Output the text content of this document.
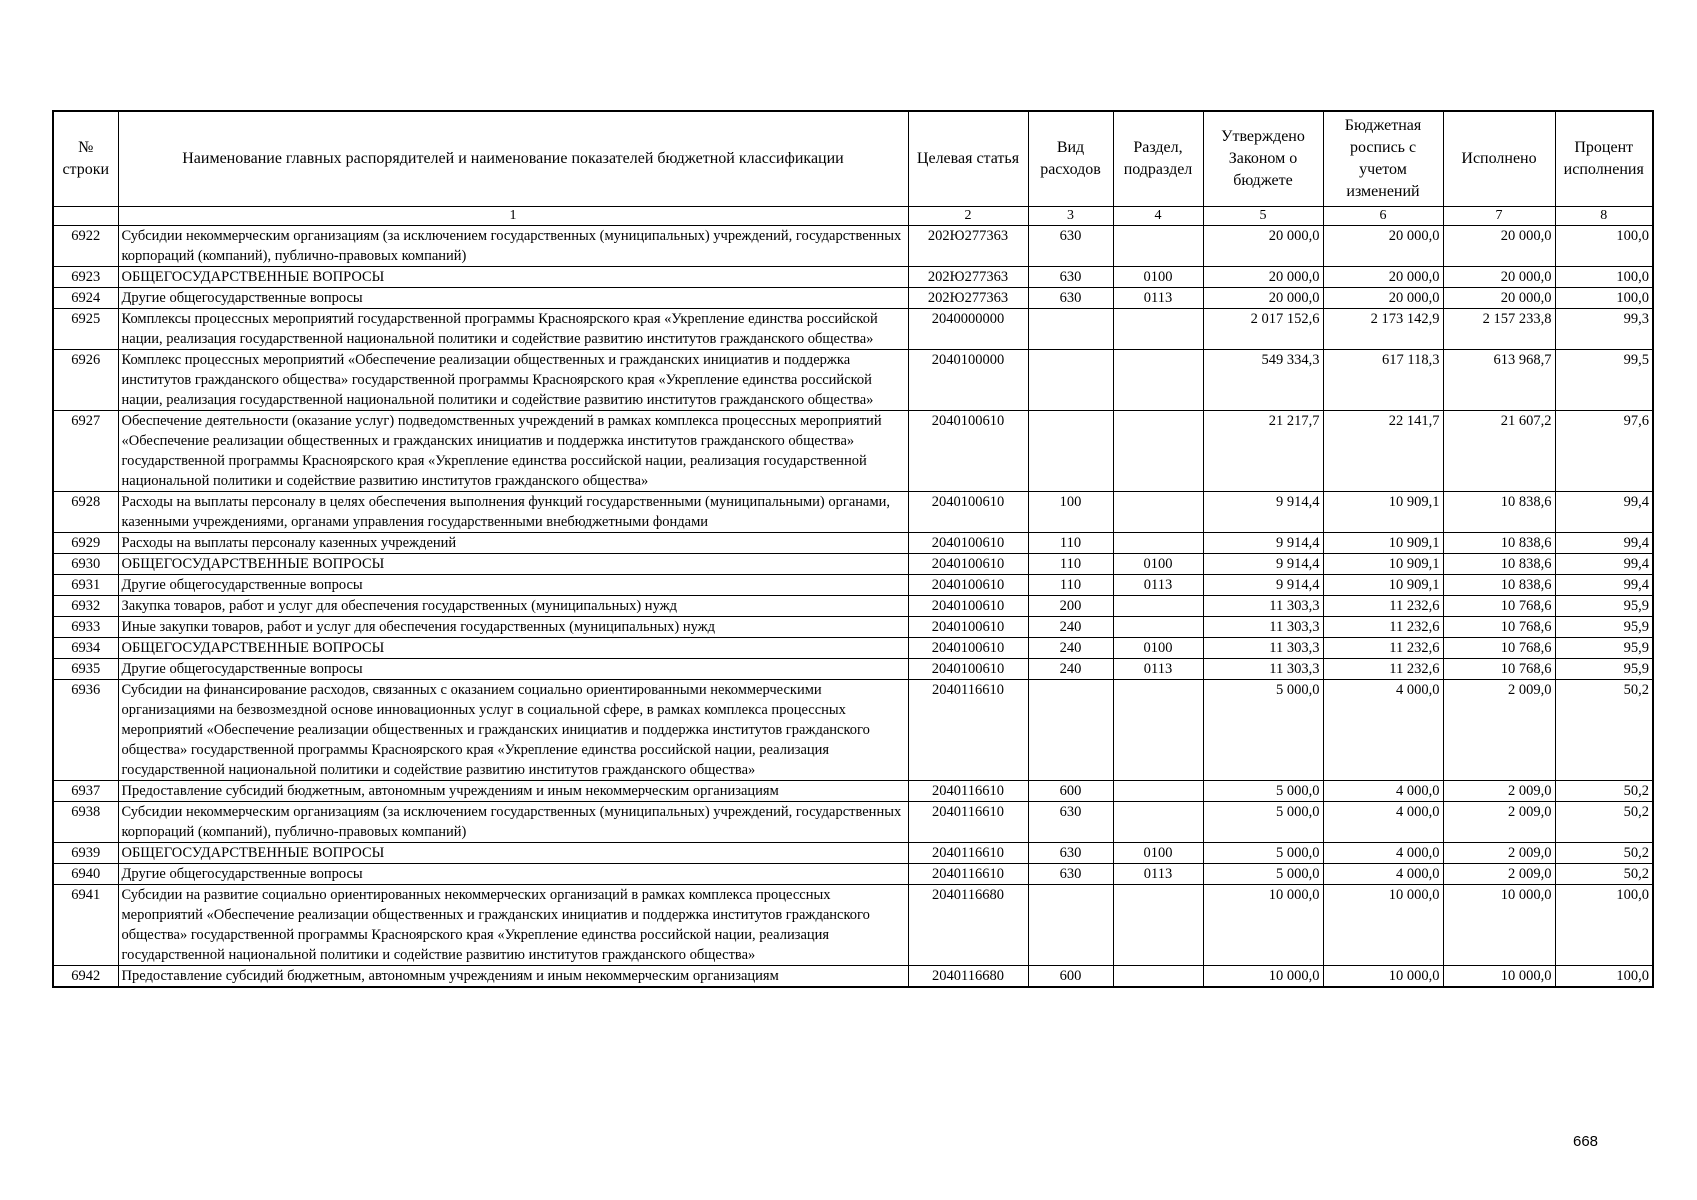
№ строки	Наименование главных распорядителей и наименование показателей бюджетной классификации	Целевая статья	Вид расходов	Раздел, подраздел	Утверждено Законом о бюджете	Бюджетная роспись с учетом изменений	Исполнено	Процент исполнения
	1	2	3	4	5	6	7	8
6922	Субсидии некоммерческим организациям (за исключением государственных (муниципальных) учреждений, государственных корпораций (компаний), публично-правовых компаний)	202Ю277363	630		20 000,0	20 000,0	20 000,0	100,0
6923	ОБЩЕГОСУДАРСТВЕННЫЕ ВОПРОСЫ	202Ю277363	630	0100	20 000,0	20 000,0	20 000,0	100,0
6924	Другие общегосударственные вопросы	202Ю277363	630	0113	20 000,0	20 000,0	20 000,0	100,0
6925	Комплексы процессных мероприятий государственной программы Красноярского края «Укрепление единства российской нации, реализация государственной национальной политики и содействие развитию институтов гражданского общества»	2040000000			2 017 152,6	2 173 142,9	2 157 233,8	99,3
6926	Комплекс процессных мероприятий «Обеспечение реализации общественных и гражданских инициатив и поддержка институтов гражданского общества» государственной программы Красноярского края «Укрепление единства российской нации, реализация государственной национальной политики и содействие развитию институтов гражданского общества»	2040100000			549 334,3	617 118,3	613 968,7	99,5
6927	Обеспечение деятельности (оказание услуг) подведомственных учреждений в рамках комплекса процессных мероприятий «Обеспечение реализации общественных и гражданских инициатив и поддержка институтов гражданского общества» государственной программы Красноярского края «Укрепление единства российской нации, реализация государственной национальной политики и содействие развитию институтов гражданского общества»	2040100610			21 217,7	22 141,7	21 607,2	97,6
6928	Расходы на выплаты персоналу в целях обеспечения выполнения функций государственными (муниципальными) органами, казенными учреждениями, органами управления государственными внебюджетными фондами	2040100610	100		9 914,4	10 909,1	10 838,6	99,4
6929	Расходы на выплаты персоналу казенных учреждений	2040100610	110		9 914,4	10 909,1	10 838,6	99,4
6930	ОБЩЕГОСУДАРСТВЕННЫЕ ВОПРОСЫ	2040100610	110	0100	9 914,4	10 909,1	10 838,6	99,4
6931	Другие общегосударственные вопросы	2040100610	110	0113	9 914,4	10 909,1	10 838,6	99,4
6932	Закупка товаров, работ и услуг для обеспечения государственных (муниципальных) нужд	2040100610	200		11 303,3	11 232,6	10 768,6	95,9
6933	Иные закупки товаров, работ и услуг для обеспечения государственных (муниципальных) нужд	2040100610	240		11 303,3	11 232,6	10 768,6	95,9
6934	ОБЩЕГОСУДАРСТВЕННЫЕ ВОПРОСЫ	2040100610	240	0100	11 303,3	11 232,6	10 768,6	95,9
6935	Другие общегосударственные вопросы	2040100610	240	0113	11 303,3	11 232,6	10 768,6	95,9
6936	Субсидии на финансирование расходов, связанных с оказанием социально ориентированными некоммерческими организациями на безвозмездной основе инновационных услуг в социальной сфере, в рамках комплекса процессных мероприятий «Обеспечение реализации общественных и гражданских инициатив и поддержка институтов гражданского общества» государственной программы Красноярского края «Укрепление единства российской нации, реализация государственной национальной политики и содействие развитию институтов гражданского общества»	2040116610			5 000,0	4 000,0	2 009,0	50,2
6937	Предоставление субсидий бюджетным, автономным учреждениям и иным некоммерческим организациям	2040116610	600		5 000,0	4 000,0	2 009,0	50,2
6938	Субсидии некоммерческим организациям (за исключением государственных (муниципальных) учреждений, государственных корпораций (компаний), публично-правовых компаний)	2040116610	630		5 000,0	4 000,0	2 009,0	50,2
6939	ОБЩЕГОСУДАРСТВЕННЫЕ ВОПРОСЫ	2040116610	630	0100	5 000,0	4 000,0	2 009,0	50,2
6940	Другие общегосударственные вопросы	2040116610	630	0113	5 000,0	4 000,0	2 009,0	50,2
6941	Субсидии на развитие социально ориентированных некоммерческих организаций в рамках комплекса процессных мероприятий «Обеспечение реализации общественных и гражданских инициатив и поддержка институтов гражданского общества» государственной программы Красноярского края «Укрепление единства российской нации, реализация государственной национальной политики и содействие развитию институтов гражданского общества»	2040116680			10 000,0	10 000,0	10 000,0	100,0
6942	Предоставление субсидий бюджетным, автономным учреждениям и иным некоммерческим организациям	2040116680	600		10 000,0	10 000,0	10 000,0	100,0
668
